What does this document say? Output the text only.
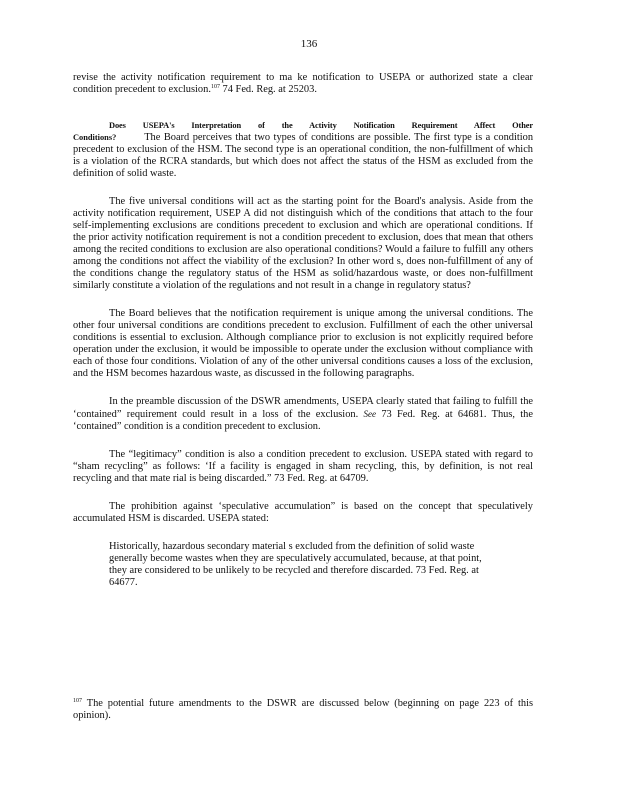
136

revise the activity notification requirement to ma ke notification to USEPA or authorized state a clear condition precedent to exclusion.$^{107}$ 74 Fed. Reg. at 25203.

Does USEPA's Interpretation of the Activity Notification Requirement Affect Other

Conditions?	The Board perceives that two types of conditions are possible. The first type is a condition precedent to exclusion of the HSM. The second type is an operational condition, the non-fulfillment of which is a violation of the RCRA standards, but which does not affect the status of the HSM as excluded from the definition of solid waste.

The five universal conditions will act as the starting point for the Board's analysis. Aside from the activity notification requirement, USEP A did not distinguish which of the conditions that attach to the four self-implementing exclusions are conditions precedent to exclusion and which are operational conditions. If the prior activity notification requirement is not a condition precedent to exclusion, does that mean that others among the recited conditions to exclusion are also operational conditions? Would a failure to fulfill any others among the conditions not affect the viability of the exclusion? In other word s, does non-fulfillment of any of the conditions change the regulatory status of the HSM as solid/hazardous waste, or does non-fulfillment similarly constitute a violation of the regulations and not result in a change in regulatory status?

The Board believes that the notification requirement is unique among the universal conditions. The other four universal conditions are conditions precedent to exclusion. Fulfillment of each the other universal conditions is essential to exclusion. Although compliance prior to exclusion is not explicitly required before operation under the exclusion, it would be impossible to operate under the exclusion without compliance with each of those four conditions. Violation of any of the other universal conditions causes a loss of the exclusion, and the HSM becomes hazardous waste, as discussed in the following paragraphs.

In the preamble discussion of the DSWR amendments, USEPA clearly stated that failing to fulfill the ‘contained” requirement could result in a loss of the exclusion. See 73 Fed. Reg. at 64681. Thus, the ‘contained” condition is a condition precedent to exclusion.

The “legitimacy” condition is also a condition precedent to exclusion. USEPA stated with regard to “sham recycling” as follows: ‘If a facility is engaged in sham recycling, this, by definition, is not real recycling and that mate rial is being discarded.” 73 Fed. Reg. at 64709.

The prohibition against ‘speculative accumulation” is based on the concept that speculatively accumulated HSM is discarded. USEPA stated:

Historically, hazardous secondary material s excluded from the definition of solid waste generally become wastes when they are speculatively accumulated, because, at that point, they are considered to be unlikely to be recycled and therefore discarded. 73 Fed. Reg. at 64677.

$^{107}$ The potential future amendments to the DSWR are discussed below (beginning on page 223 of this opinion).
